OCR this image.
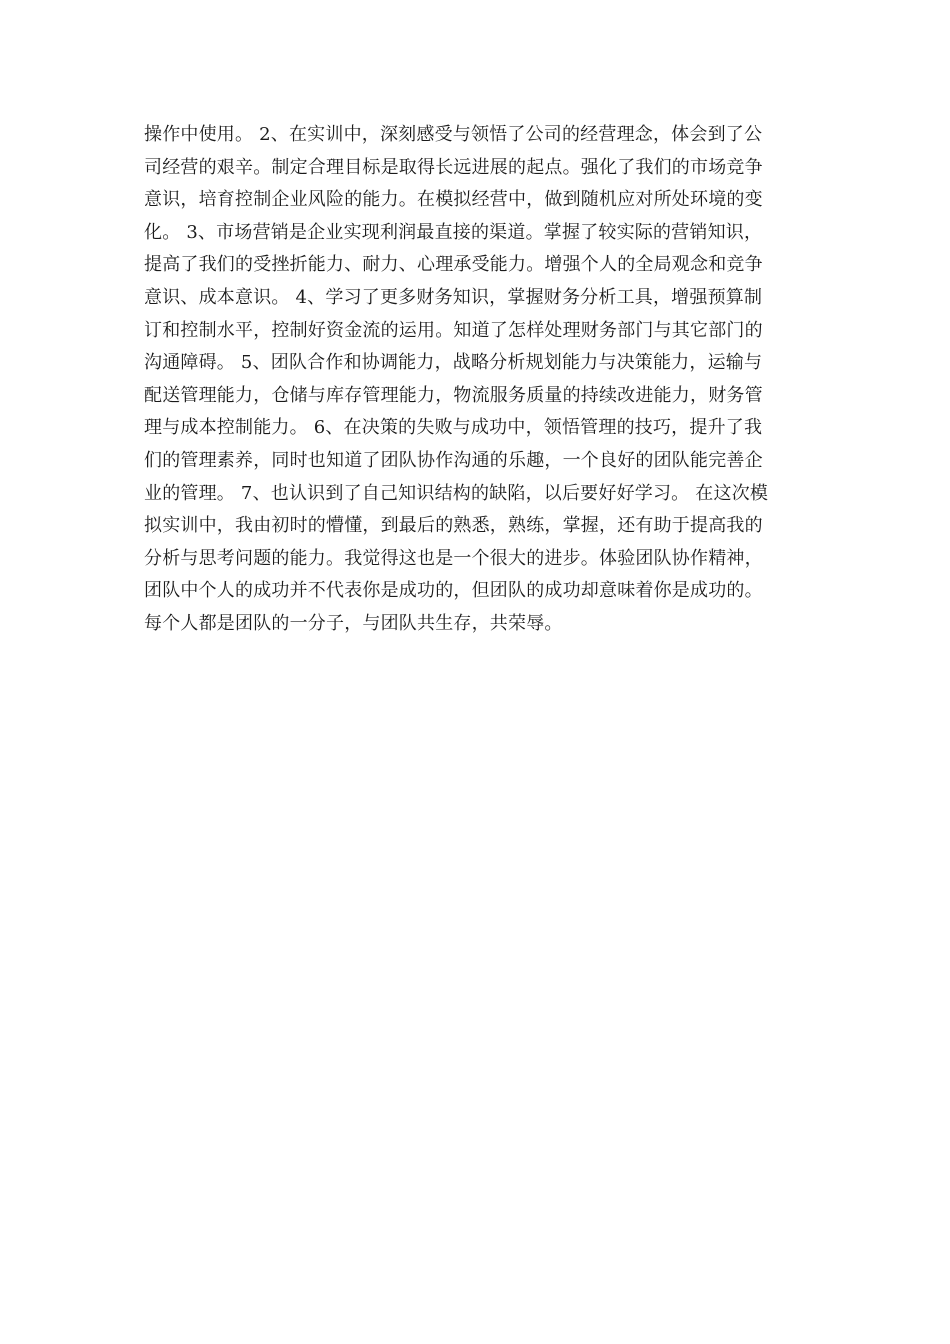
操作中使用。 2、在实训中，深刻感受与领悟了公司的经营理念，体会到了公
司经营的艰辛。制定合理目标是取得长远进展的起点。强化了我们的市场竞争
意识，培育控制企业风险的能力。在模拟经营中，做到随机应对所处环境的变
化。 3、市场营销是企业实现利润最直接的渠道。掌握了较实际的营销知识，
提高了我们的受挫折能力、耐力、心理承受能力。增强个人的全局观念和竞争
意识、成本意识。 4、学习了更多财务知识，掌握财务分析工具，增强预算制
订和控制水平，控制好资金流的运用。知道了怎样处理财务部门与其它部门的
沟通障碍。 5、团队合作和协调能力，战略分析规划能力与决策能力，运输与
配送管理能力，仓储与库存管理能力，物流服务质量的持续改进能力，财务管
理与成本控制能力。 6、在决策的失败与成功中，领悟管理的技巧，提升了我
们的管理素养，同时也知道了团队协作沟通的乐趣，一个良好的团队能完善企
业的管理。 7、也认识到了自己知识结构的缺陷，以后要好好学习。 在这次模
拟实训中，我由初时的懵懂，到最后的熟悉，熟练，掌握，还有助于提高我的
分析与思考问题的能力。我觉得这也是一个很大的进步。体验团队协作精神，
团队中个人的成功并不代表你是成功的，但团队的成功却意味着你是成功的。
每个人都是团队的一分子，与团队共生存，共荣辱。
